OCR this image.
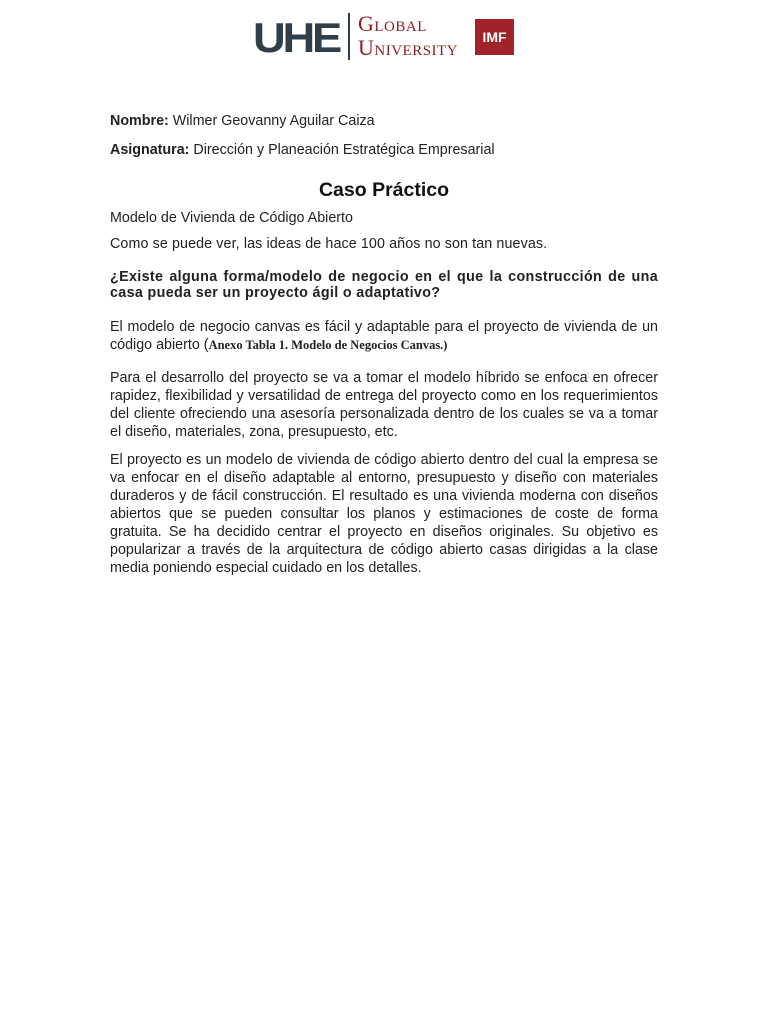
UHE Global
University	IMF

Nombre: Wilmer Geovanny Aguilar Caiza

Asignatura: Dirección y Planeación Estratégica Empresarial

Caso Práctico

Modelo de Vivienda de Código Abierto

Como se puede ver, las ideas de hace 100 años no son tan nuevas.

¿Existe alguna forma/modelo de negocio en el que la construcción de una casa pueda ser un proyecto ágil o adaptativo?

El modelo de negocio canvas es fácil y adaptable para el proyecto de vivienda de un código abierto (Anexo Tabla 1. Modelo de Negocios Canvas.)

Para el desarrollo del proyecto se va a tomar el modelo híbrido se enfoca en ofrecer rapidez, flexibilidad y versatilidad de entrega del proyecto como en los requerimientos del cliente ofreciendo una asesoría personalizada dentro de los cuales se va a tomar el diseño, materiales, zona, presupuesto, etc.

El proyecto es un modelo de vivienda de código abierto dentro del cual la empresa se va enfocar en el diseño adaptable al entorno, presupuesto y diseño con materiales duraderos y de fácil construcción. El resultado es una vivienda moderna con diseños abiertos que se pueden consultar los planos y estimaciones de coste de forma gratuita. Se ha decidido centrar el proyecto en diseños originales. Su objetivo es popularizar a través de la arquitectura de código abierto casas dirigidas a la clase media poniendo especial cuidado en los detalles.
